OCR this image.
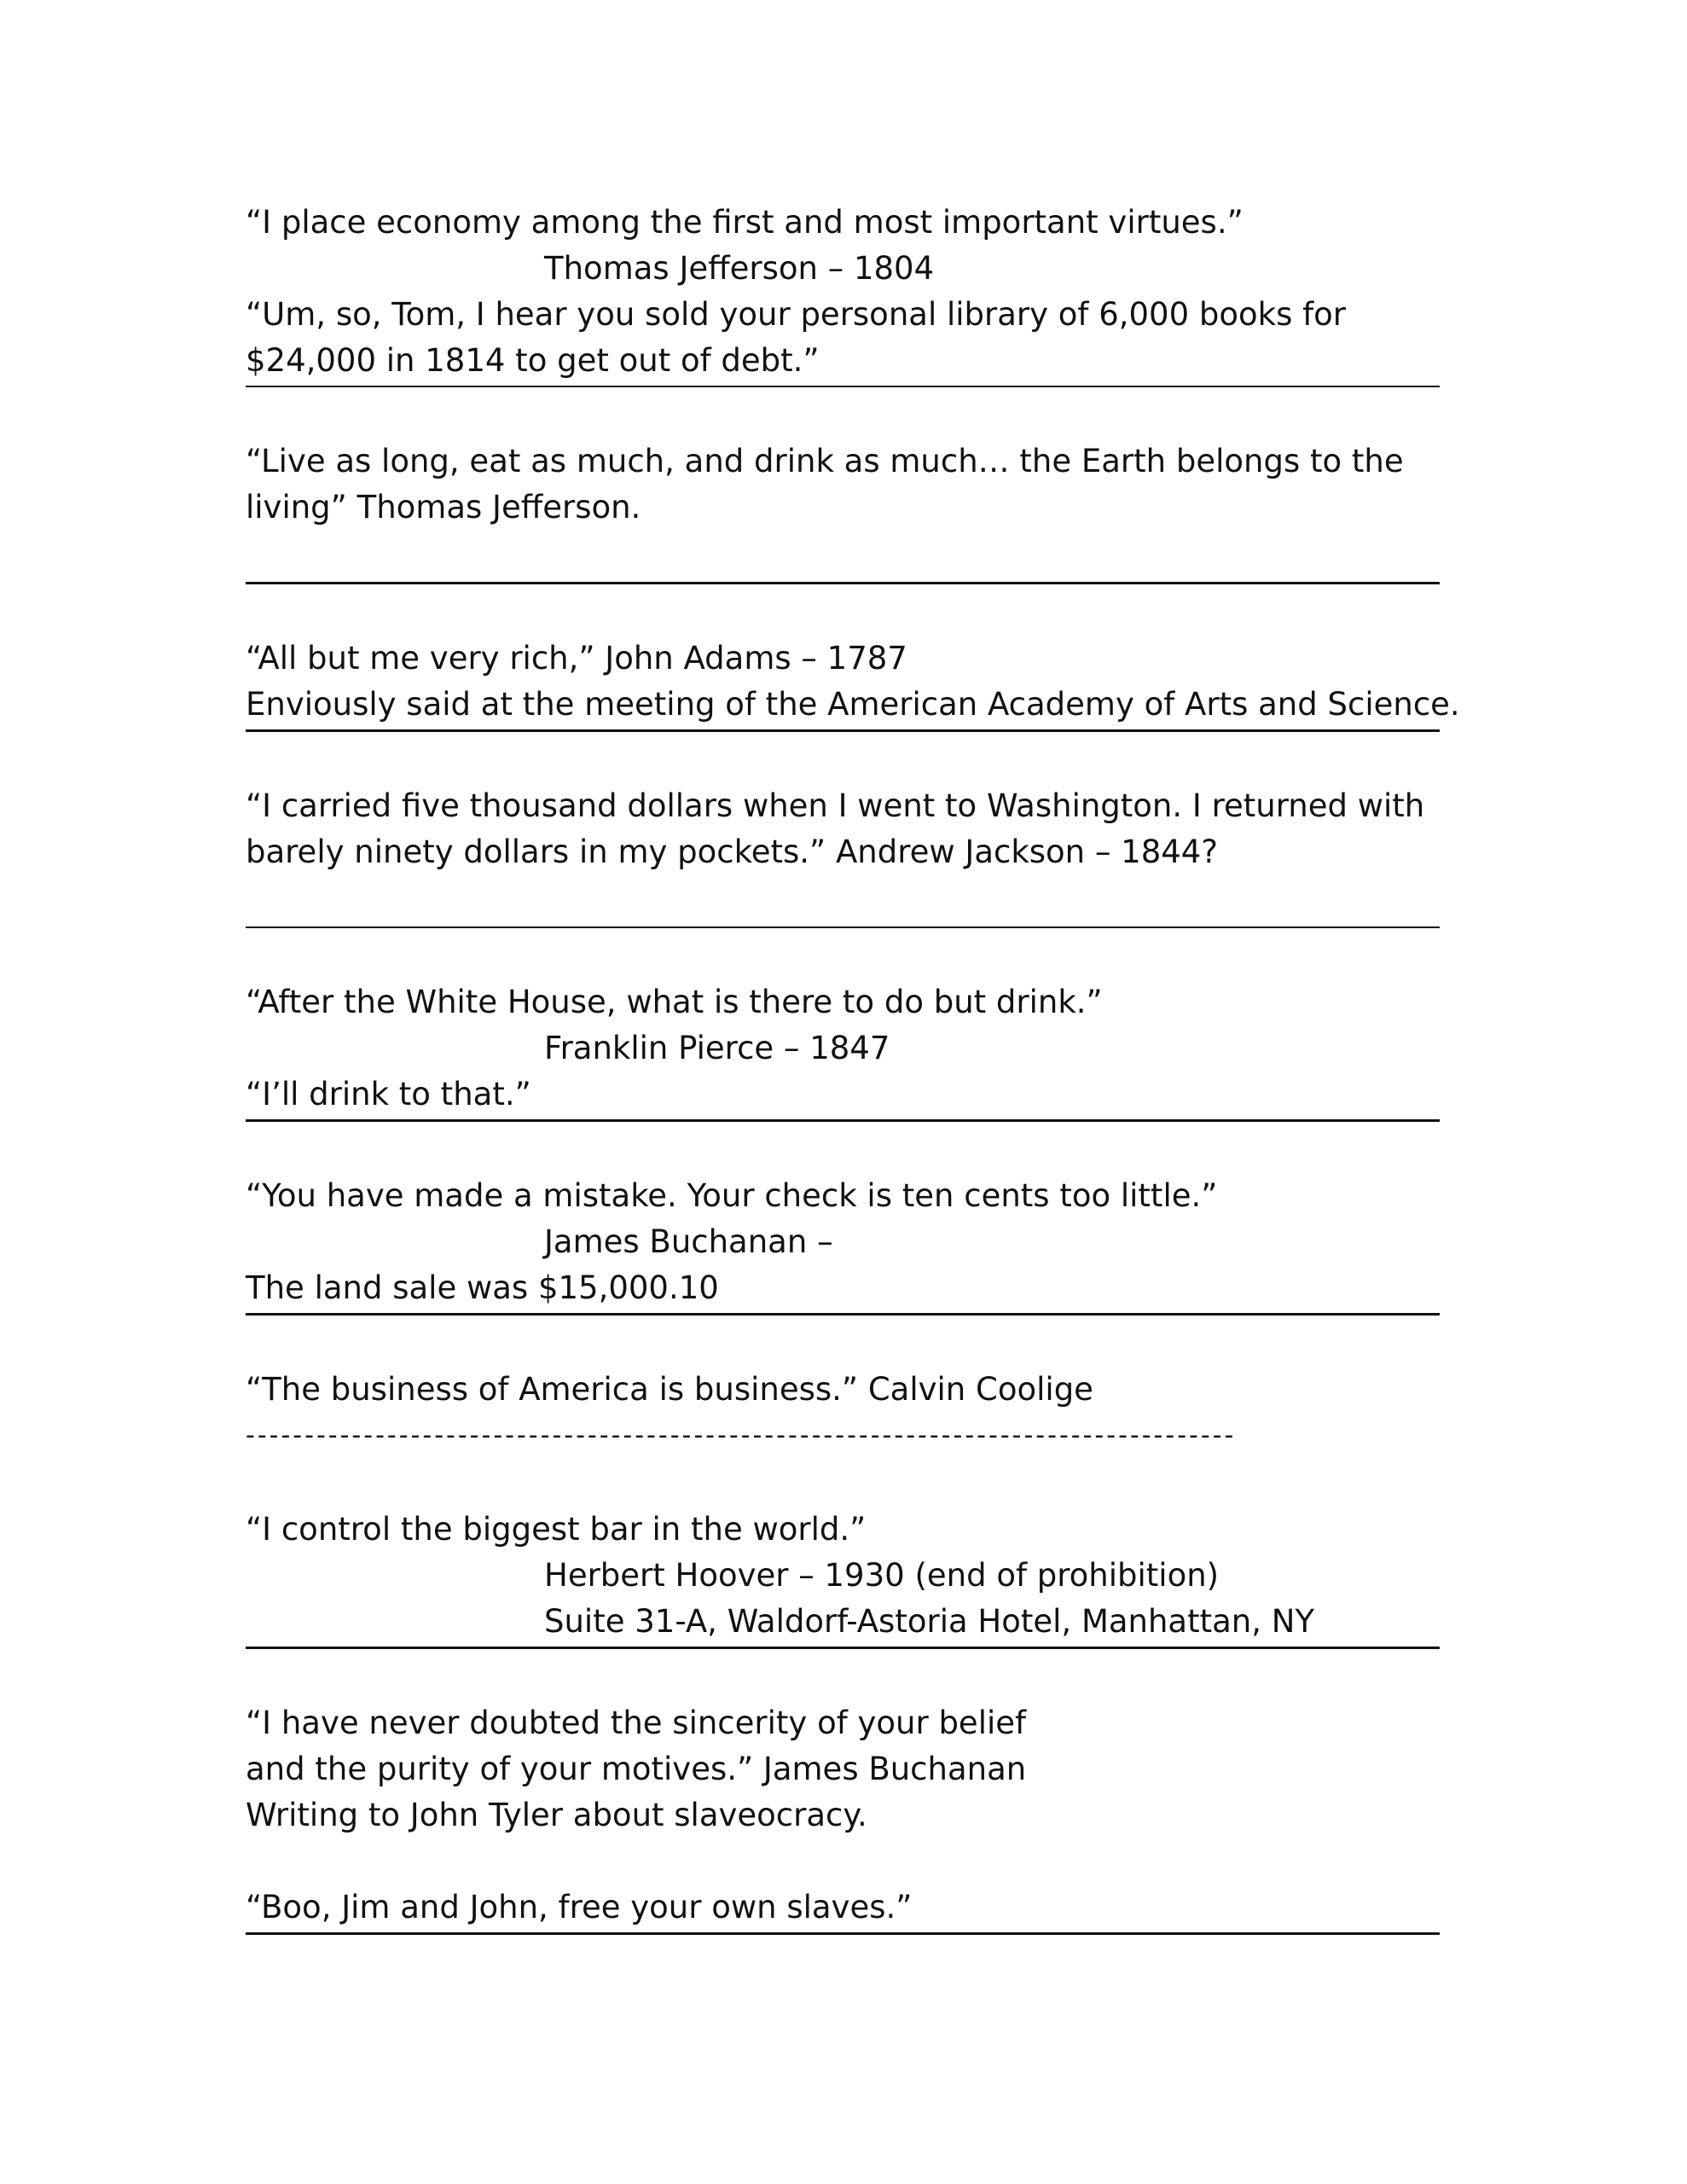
“I place economy among the first and most important virtues.”
Thomas Jefferson – 1804
“Um, so, Tom, I hear you sold your personal library of 6,000 books for
$24,000 in 1814 to get out of debt.”
“Live as long, eat as much, and drink as much… the Earth belongs to the
living” Thomas Jefferson.
“All but me very rich,” John Adams – 1787
Enviously said at the meeting of the American Academy of Arts and Science.
“I carried five thousand dollars when I went to Washington. I returned with
barely ninety dollars in my pockets.” Andrew Jackson – 1844?
“After the White House, what is there to do but drink.”
Franklin Pierce – 1847
“I’ll drink to that.”
“You have made a mistake. Your check is ten cents too little.”
James Buchanan –
The land sale was $15,000.10
“The business of America is business.” Calvin Coolige
------------------------------------------------------------------------------------
“I control the biggest bar in the world.”
Herbert Hoover – 1930 (end of prohibition)
Suite 31-A, Waldorf-Astoria Hotel, Manhattan, NY
“I have never doubted the sincerity of your belief
and the purity of your motives.” James Buchanan
Writing to John Tyler about slaveocracy.
“Boo, Jim and John, free your own slaves.”
